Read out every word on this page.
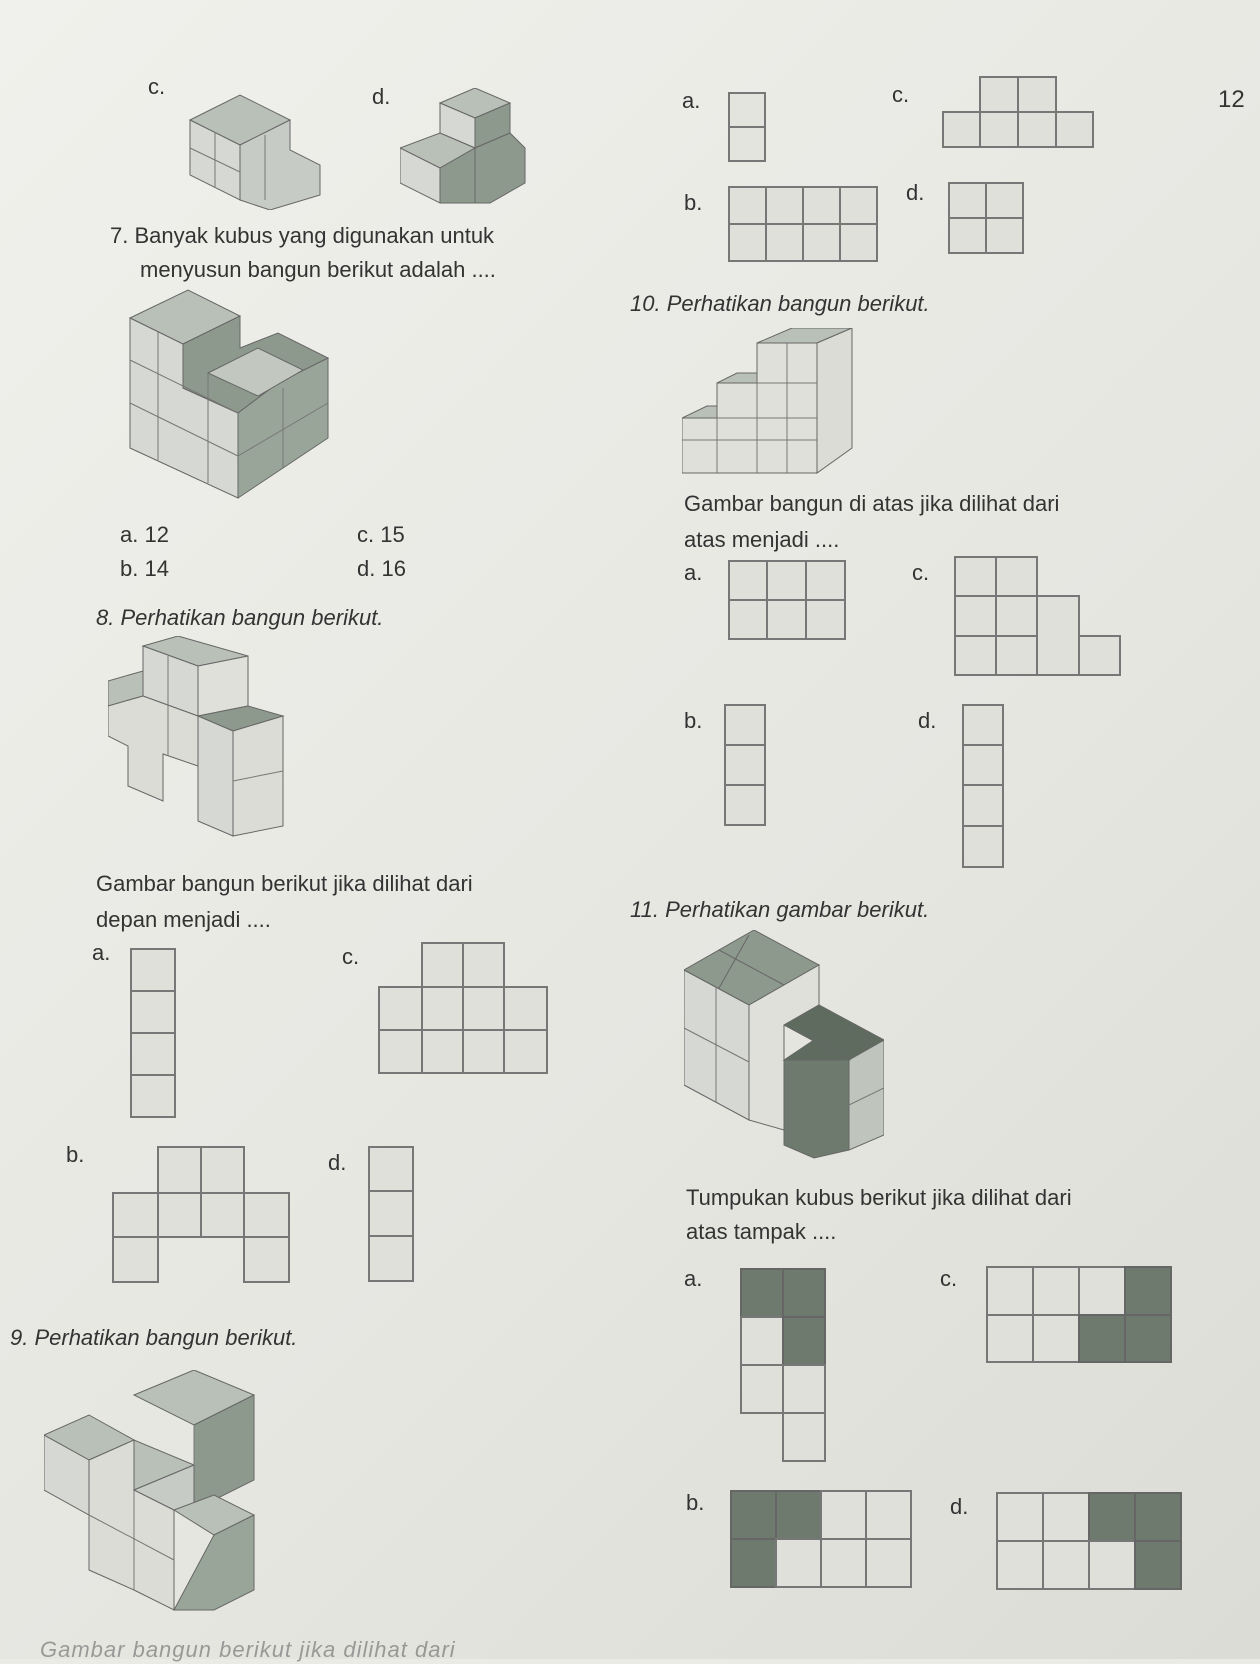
12
c.	d.	a.	c.
b.	d.
7. Banyak kubus yang digunakan untuk
menyusun bangun berikut adalah ....
a. 12	c. 15
b. 14	d. 16
8. Perhatikan bangun berikut.
Gambar bangun berikut jika dilihat dari
depan menjadi ....
a.	c.
b.	d.
9. Perhatikan bangun berikut.
10. Perhatikan bangun berikut.
Gambar bangun di atas jika dilihat dari
atas menjadi ....
a.	c.
b.	d.
11. Perhatikan gambar berikut.
Tumpukan kubus berikut jika dilihat dari
atas tampak ....
a.	c.
b.	d.
Gambar bangun berikut jika dilihat dari
